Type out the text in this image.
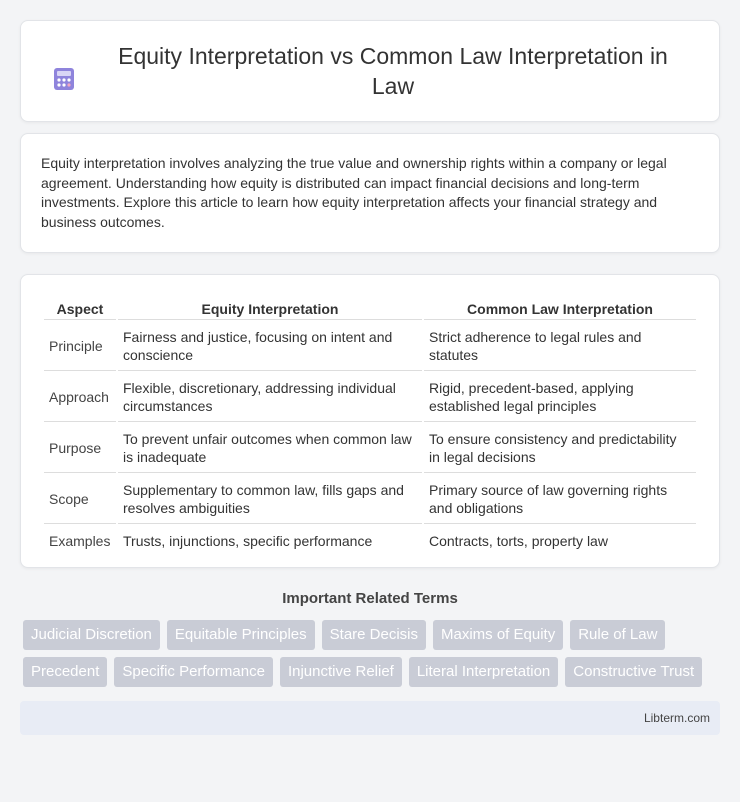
Equity Interpretation vs Common Law Interpretation in Law

Equity interpretation involves analyzing the true value and ownership rights within a company or legal agreement. Understanding how equity is distributed can impact financial decisions and long-term investments. Explore this article to learn how equity interpretation affects your financial strategy and business outcomes.

Aspect	Equity Interpretation	Common Law Interpretation
Principle	Fairness and justice, focusing on intent and conscience	Strict adherence to legal rules and statutes
Approach	Flexible, discretionary, addressing individual circumstances	Rigid, precedent-based, applying established legal principles
Purpose	To prevent unfair outcomes when common law is inadequate	To ensure consistency and predictability in legal decisions
Scope	Supplementary to common law, fills gaps and resolves ambiguities	Primary source of law governing rights and obligations
Examples	Trusts, injunctions, specific performance	Contracts, torts, property law
Important Related Terms
Judicial Discretion	Equitable Principles	Stare Decisis	Maxims of Equity	Rule of Law
Precedent	Specific Performance	Injunctive Relief	Literal Interpretation	Constructive Trust
Libterm.com
